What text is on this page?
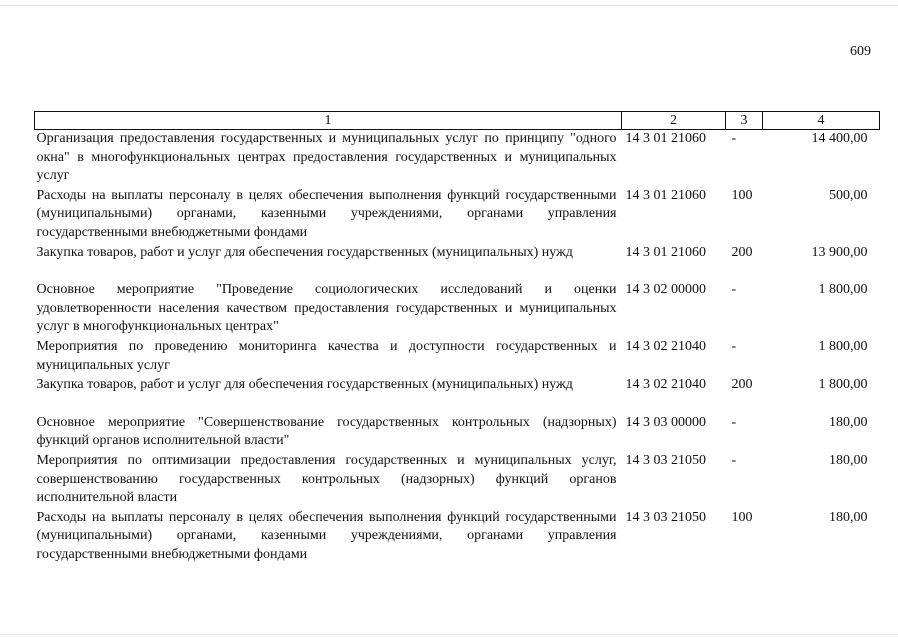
609
1	2	3	4
Организация предоставления государственных и муниципальных услуг по принципу "одного окна" в многофункциональных центрах предоставления государственных и муниципальных услуг	14 3 01 21060	-	14 400,00
Расходы на выплаты персоналу в целях обеспечения выполнения функций государственными (муниципальными) органами, казенными учреждениями, органами управления государственными внебюджетными фондами	14 3 01 21060	100	500,00
Закупка товаров, работ и услуг для обеспечения государственных (муниципальных) нужд	14 3 01 21060	200	13 900,00

Основное мероприятие "Проведение социологических исследований и оценки удовлетворенности населения качеством предоставления государственных и муниципальных услуг в многофункциональных центрах"	14 3 02 00000	-	1 800,00
Мероприятия по проведению мониторинга качества и доступности государственных и муниципальных услуг	14 3 02 21040	-	1 800,00
Закупка товаров, работ и услуг для обеспечения государственных (муниципальных) нужд	14 3 02 21040	200	1 800,00

Основное мероприятие "Совершенствование государственных контрольных (надзорных) функций органов исполнительной власти"	14 3 03 00000	-	180,00
Мероприятия по оптимизации предоставления государственных и муниципальных услуг, совершенствованию государственных контрольных (надзорных) функций органов исполнительной власти	14 3 03 21050	-	180,00
Расходы на выплаты персоналу в целях обеспечения выполнения функций государственными (муниципальными) органами, казенными учреждениями, органами управления государственными внебюджетными фондами	14 3 03 21050	100	180,00
